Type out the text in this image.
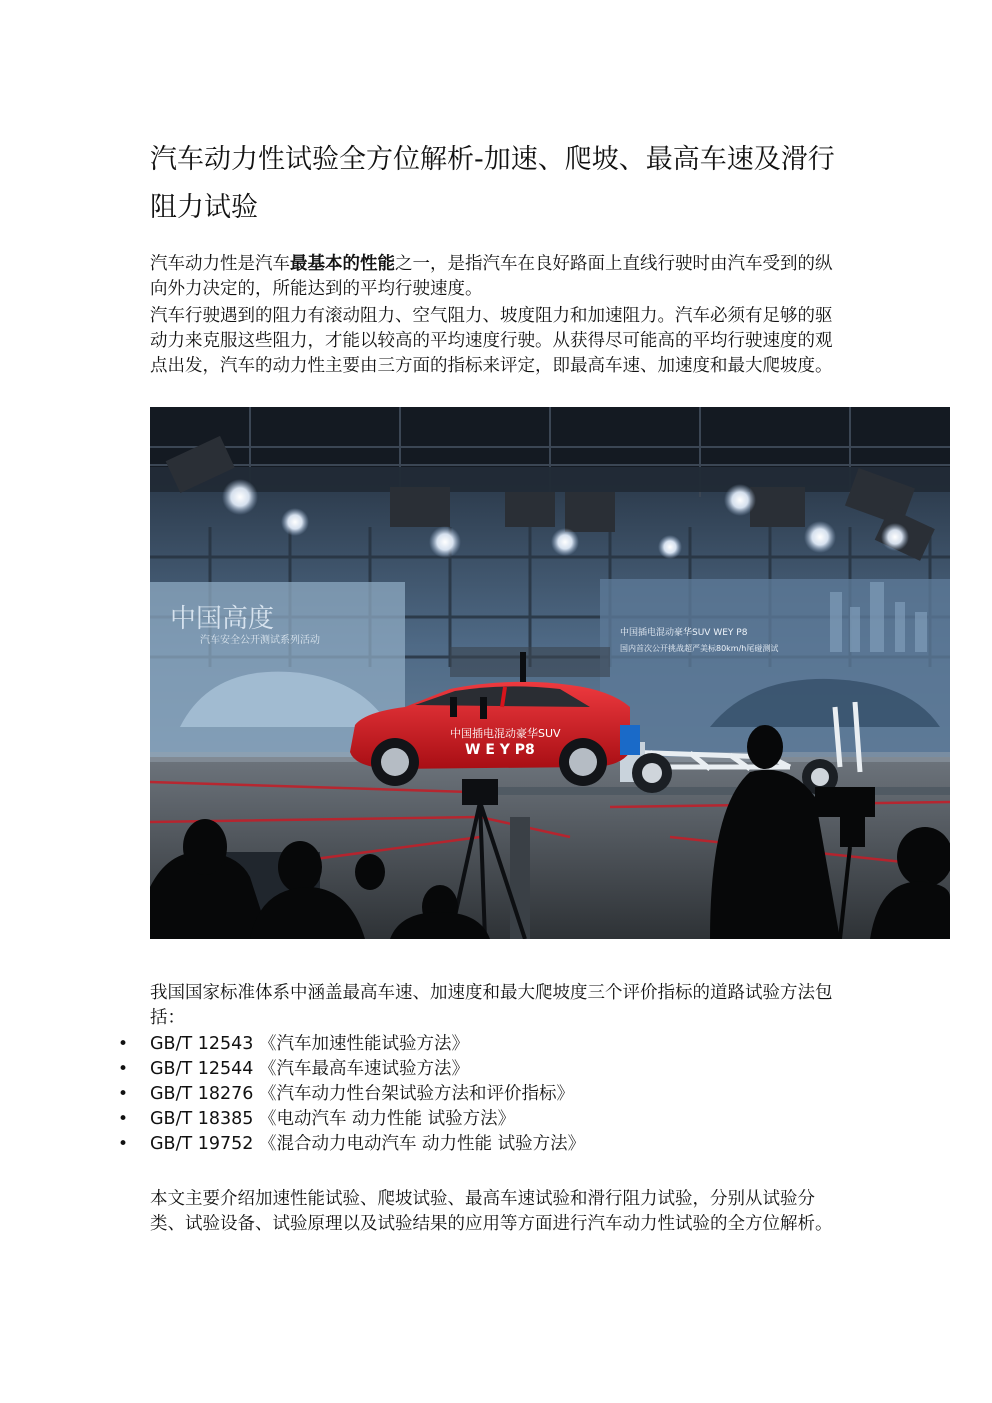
汽车动力性试验全方位解析-加速、爬坡、最高车速及滑行阻力试验

汽车动力性是汽车最基本的性能之一，是指汽车在良好路面上直线行驶时由汽车受到的纵向外力决定的，所能达到的平均行驶速度。

汽车行驶遇到的阻力有滚动阻力、空气阻力、坡度阻力和加速阻力。汽车必须有足够的驱动力来克服这些阻力，才能以较高的平均速度行驶。从获得尽可能高的平均行驶速度的观点出发，汽车的动力性主要由三方面的指标来评定，即最高车速、加速度和最大爬坡度。

中国高度
汽车安全公开测试系列活动
中国插电混动豪华SUV WEY P8
国内首次公开挑战超严美标80km/h尾碰测试
中国插电混动豪华SUV
W E Y P8

我国国家标准体系中涵盖最高车速、加速度和最大爬坡度三个评价指标的道路试验方法包括：

• GB/T 12543 《汽车加速性能试验方法》
• GB/T 12544 《汽车最高车速试验方法》
• GB/T 18276 《汽车动力性台架试验方法和评价指标》
• GB/T 18385 《电动汽车 动力性能 试验方法》
• GB/T 19752 《混合动力电动汽车 动力性能 试验方法》

本文主要介绍加速性能试验、爬坡试验、最高车速试验和滑行阻力试验，分别从试验分类、试验设备、试验原理以及试验结果的应用等方面进行汽车动力性试验的全方位解析。
